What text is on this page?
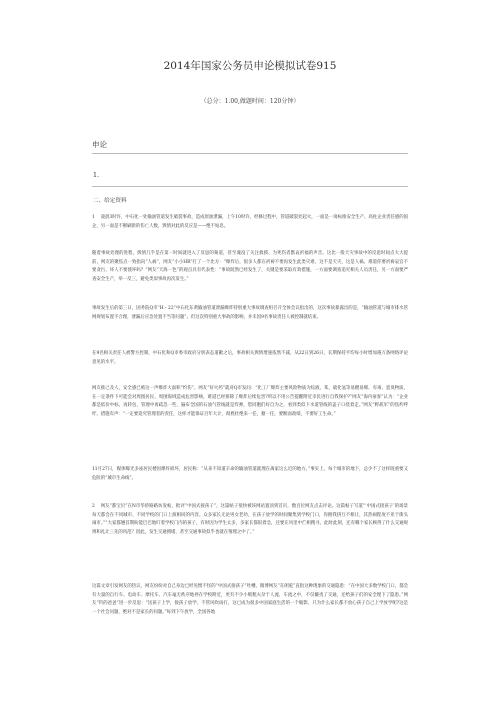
2014年国家公务员申论模拟试卷915
（总分：1.00,做题时间：120分钟）
申论
1.
二、给定资料

1 　凌晨3时许，中石化一处输油管道发生破裂事故，造成原油泄漏，上午10时许，经修过程中，管道破裂处起火，一面是一岗标推安全生产、高柱企业责任感的国企，另一面是不断刷新的伤亡人数，舆情对此的反应是——绝不姑息。

随着事故处理的进程，舆情几乎是在第一时间就进入了反思的频道，甚至淹没了关注救援、为死伤者默哀祈福的声音。这比一般天灾事故中的反思时间点大大提前，网友的聚焦点一致指向“人祸”，网友“小小HR”打了一个比方：“爆炸后，很多人都在祈祷不要再发生此类灾难，这不是天灾，这是人祸。难道你要祈祷哀官不要贪污，坏人不要使坏吗？”网友“天海一色”的观点具有代表性：“事故既然已经发生了，关键是要采取有效措施，一方面要调查追究相关人员责任，另一方面要严查安全生产，举一反三，避免类似事故再次发生。”

事故发生后的第三日，国务院Q市“H・22”中石化东黄输油管道泄漏爆炸特别重大事故调查组召开全体会议指出的，这次事故暴露出的是，“输油管道与城市排水管网规划布置不合理，泄漏后应急处置不当等问题”。但这次特别重大事故的影响，并未因9名事故责任人被控制就结束。

在9名相关责任人被警方控制，中石化和Q市委市政府分别表态道歉之后，事故相关舆情增速依然不减，从22日到26日，长期保持平均每小时增加遇万条网络评论意见的水平。

网友推己及人，安全感已被这一声爆炸大面积“灼伤”。网友“好火药”就对Q市发问：“化工厂爆炸主要风险物质为综液、苯、硫化氢等易燃易爆、有毒、恶臭物质，在一定条件下可能会对周围居民、周围海域造成危害影响，难道已经排除了爆炸后续危害?所以不用公告提醒附近市民进行自我保护?”网友“海内豪客”认为：“企业都是低价中标，再转包，管理中再疏忽一些，遍布全国的石油气管线就是炸弹，您同胞们好自为之，看到类似下水道管线的盖子口绕着走。”网友“野战军”的焦灼呼吁，措施有声：“一定要追究管理者的责任，这样才能保证百年大计，彻底杜绝来一任，搪一任，要断面政绩，不要好工生命。”

11月27日，媒体曝光多座居民楼因爆炸损坏，居民称：“从来不知道辛命的输油管道就埋在离家这么近的地方。”事实上，每个城市的地下，总少不了这样既重要又危险的“城市生命线”。

2 　网友“都宝贝”在N市华侨路路坊发帖，批评“中国式接孩子”，这篇帖子很快被该网站置顶到首页，数百位网友点击评论。这篇帖子写道“‘中国式接孩子’的场景每天都会在不同城市、不同学校的门口上演相同的内容。众多家长无论男女老幼，在孩子放学的时间聚集到学校门口，你拥我挤互不相让，其热闹程度不亚于街头闹市。”“大家都翘首期盼能巴巴地叮着学校门内的孩子，有时因为学生太多，多家长都很着急，还要在风里中伫相搜寻。此时此刻，还有哪个家长顾得了什么交通规则和礼让三先的风范？因此，发生交通拥堵，甚至交通事故似乎也就在情理之中了。”

这篇文章引发网友的热议，网友纷纷对自己身边已经见惯不怪的“中国式接孩子”吐槽。微博网友“在朗驼”直指这种现象的交通隐患：“在中国大多数学校门口，都会有大量的自行车、电动车、摩托车、汽车毫无秩序地停在学校附近，更有不少小贩粗夫杂于人流、车流之中，不仅嫌夷了交通，还给孩子们的安全埋下了隐患。”网友“钓的爸爸”进一步反思：“送孩子上学，接孩子放学，不管风吹雨打，这已成为很多中国家庭生活的一个缩影，只为什么家长都不放心孩子自己上学放学呢?这是一个社会问题，绝对不是家长的问题。”每到下午放学，全国各地
